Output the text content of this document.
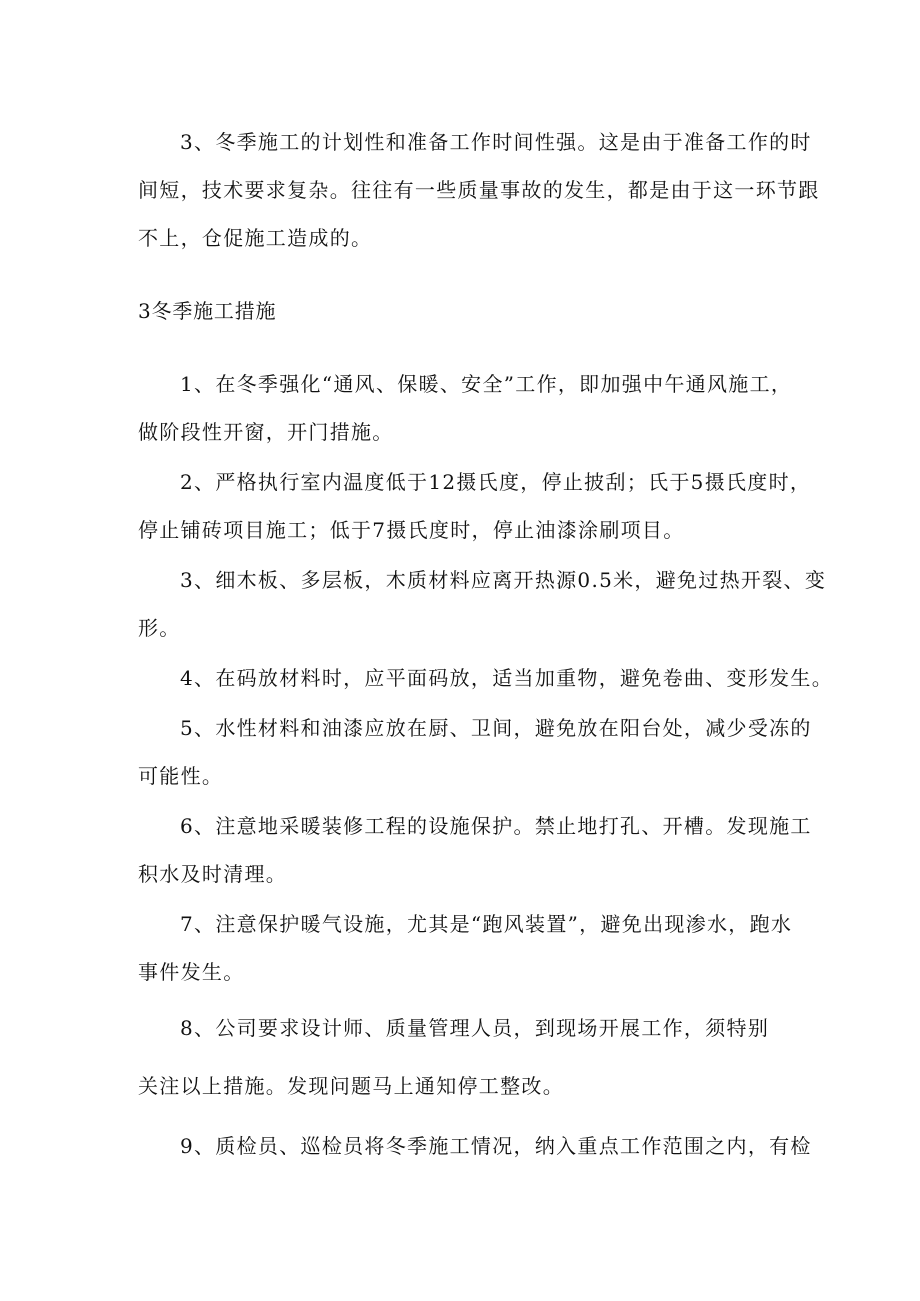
3、冬季施工的计划性和准备工作时间性强。这是由于准备工作的时
间短，技术要求复杂。往往有一些质量事故的发生，都是由于这一环节跟
不上，仓促施工造成的。
3冬季施工措施
1、在冬季强化“通风、保暖、安全”工作，即加强中午通风施工，
做阶段性开窗，开门措施。
2、严格执行室内温度低于12摄氏度，停止披刮；氏于5摄氏度时，
停止铺砖项目施工；低于7摄氏度时，停止油漆涂刷项目。
3、细木板、多层板，木质材料应离开热源0.5米，避免过热开裂、变
形。
4、在码放材料时，应平面码放，适当加重物，避免卷曲、变形发生。
5、水性材料和油漆应放在厨、卫间，避免放在阳台处，减少受冻的
可能性。
6、注意地采暖装修工程的设施保护。禁止地打孔、开槽。发现施工
积水及时清理。
7、注意保护暖气设施，尤其是“跑风装置”，避免出现渗水，跑水
事件发生。
8、公司要求设计师、质量管理人员，到现场开展工作，须特别
关注以上措施。发现问题马上通知停工整改。
9、质检员、巡检员将冬季施工情况，纳入重点工作范围之内，有检
